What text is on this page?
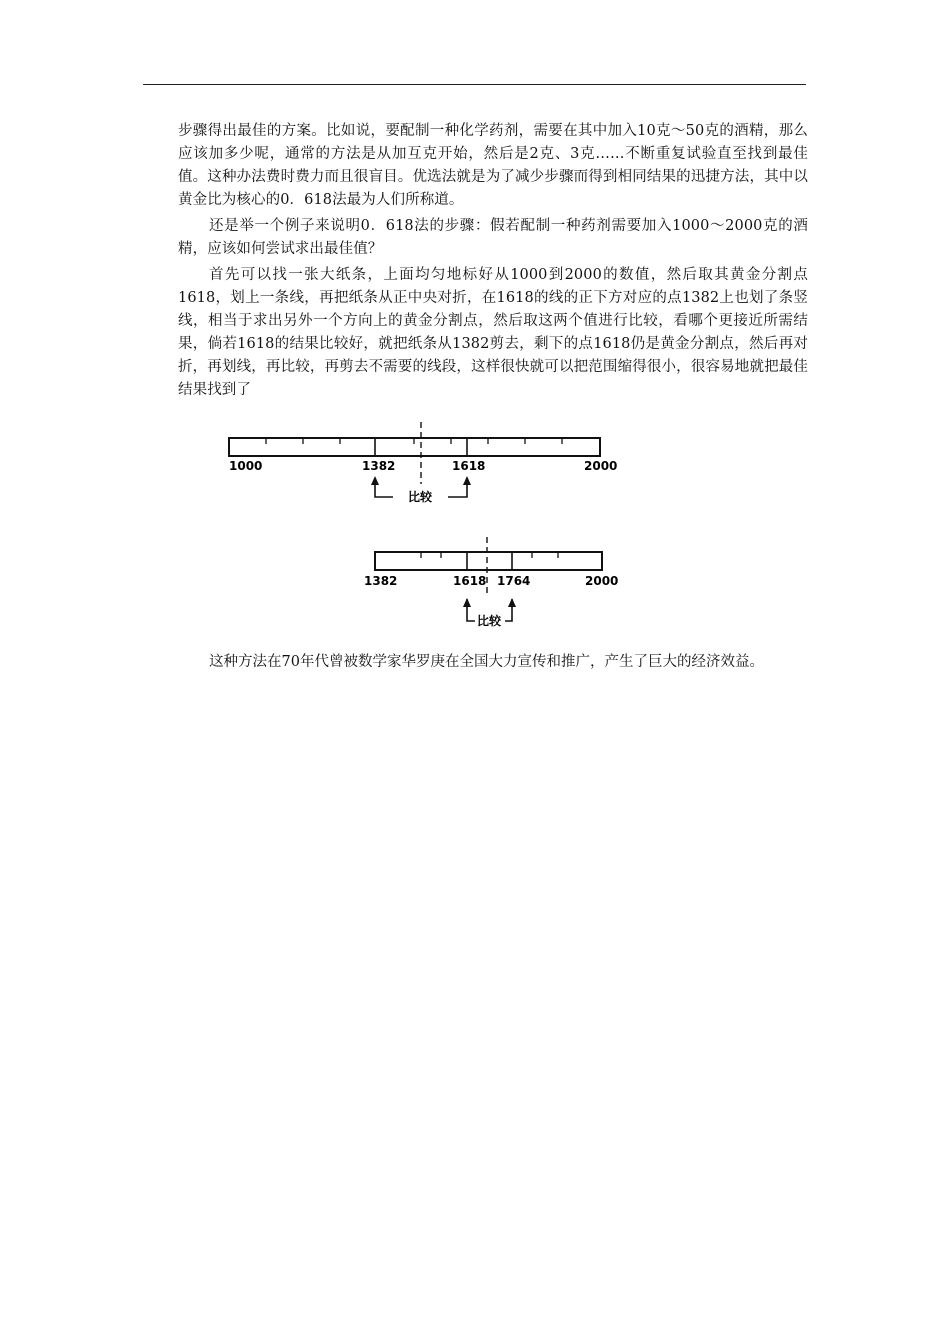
步骤得出最佳的方案。比如说，要配制一种化学药剂，需要在其中加入10克～50克的酒精，那么应该加多少呢，通常的方法是从加互克开始，然后是2克、3克……不断重复试验直至找到最佳值。这种办法费时费力而且很盲目。优选法就是为了减少步骤而得到相同结果的迅捷方法，其中以黄金比为核心的0．618法最为人们所称道。

还是举一个例子来说明0．618法的步骤：假若配制一种药剂需要加入1000～2000克的酒精，应该如何尝试求出最佳值？

首先可以找一张大纸条，上面均匀地标好从1000到2000的数值，然后取其黄金分割点1618，划上一条线，再把纸条从正中央对折，在1618的线的正下方对应的点1382上也划了条竖线，相当于求出另外一个方向上的黄金分割点，然后取这两个值进行比较，看哪个更接近所需结果，倘若1618的结果比较好，就把纸条从1382剪去，剩下的点1618仍是黄金分割点，然后再对折，再划线，再比较，再剪去不需要的线段，这样很快就可以把范围缩得很小，很容易地就把最佳结果找到了

1000	1382	1618	2000
比较
1382	1618 1764	2000
比较

这种方法在70年代曾被数学家华罗庚在全国大力宣传和推广，产生了巨大的经济效益。
